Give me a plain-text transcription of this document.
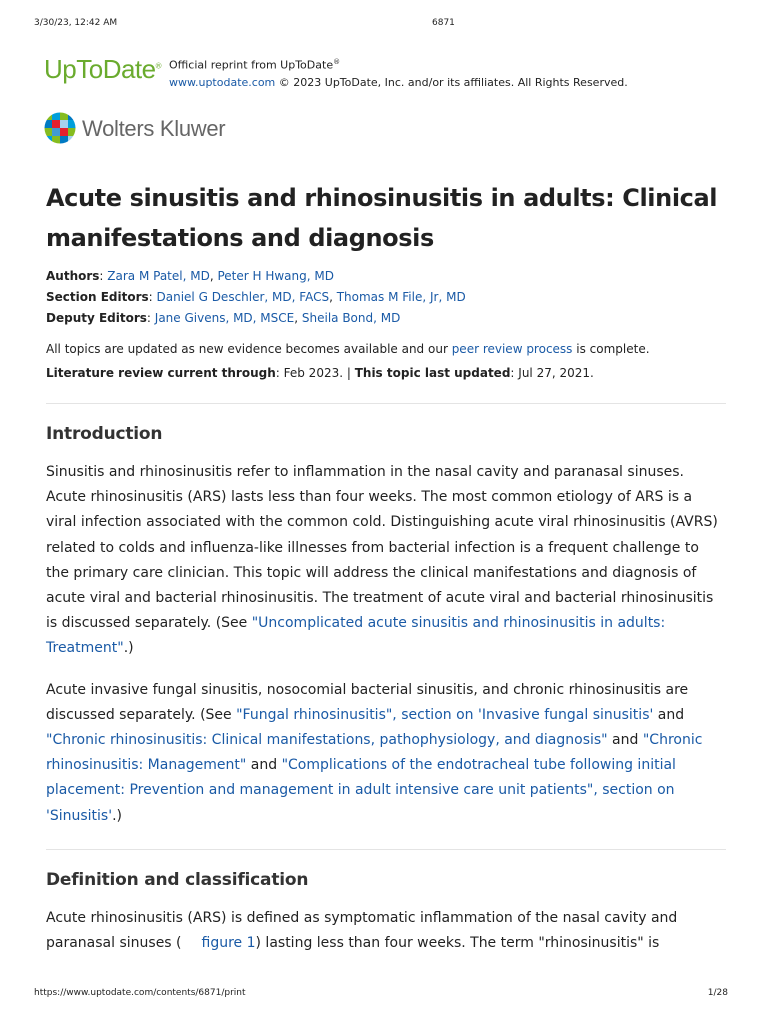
3/30/23, 12:42 AM	6871
UpToDate® Official reprint from UpToDate®
www.uptodate.com © 2023 UpToDate, Inc. and/or its affiliates. All Rights Reserved.
Wolters Kluwer
Acute sinusitis and rhinosinusitis in adults: Clinical manifestations and diagnosis
Authors: Zara M Patel, MD, Peter H Hwang, MD
Section Editors: Daniel G Deschler, MD, FACS, Thomas M File, Jr, MD
Deputy Editors: Jane Givens, MD, MSCE, Sheila Bond, MD
All topics are updated as new evidence becomes available and our peer review process is complete.
Literature review current through: Feb 2023. | This topic last updated: Jul 27, 2021.
Introduction

Sinusitis and rhinosinusitis refer to inflammation in the nasal cavity and paranasal sinuses. Acute rhinosinusitis (ARS) lasts less than four weeks. The most common etiology of ARS is a viral infection associated with the common cold. Distinguishing acute viral rhinosinusitis (AVRS) related to colds and influenza-like illnesses from bacterial infection is a frequent challenge to the primary care clinician. This topic will address the clinical manifestations and diagnosis of acute viral and bacterial rhinosinusitis. The treatment of acute viral and bacterial rhinosinusitis is discussed separately. (See "Uncomplicated acute sinusitis and rhinosinusitis in adults: Treatment".)

Acute invasive fungal sinusitis, nosocomial bacterial sinusitis, and chronic rhinosinusitis are discussed separately. (See "Fungal rhinosinusitis", section on 'Invasive fungal sinusitis' and "Chronic rhinosinusitis: Clinical manifestations, pathophysiology, and diagnosis" and "Chronic rhinosinusitis: Management" and "Complications of the endotracheal tube following initial placement: Prevention and management in adult intensive care unit patients", section on 'Sinusitis'.)

Definition and classification

Acute rhinosinusitis (ARS) is defined as symptomatic inflammation of the nasal cavity and paranasal sinuses ( figure 1) lasting less than four weeks. The term "rhinosinusitis" is

https://www.uptodate.com/contents/6871/print	1/28
